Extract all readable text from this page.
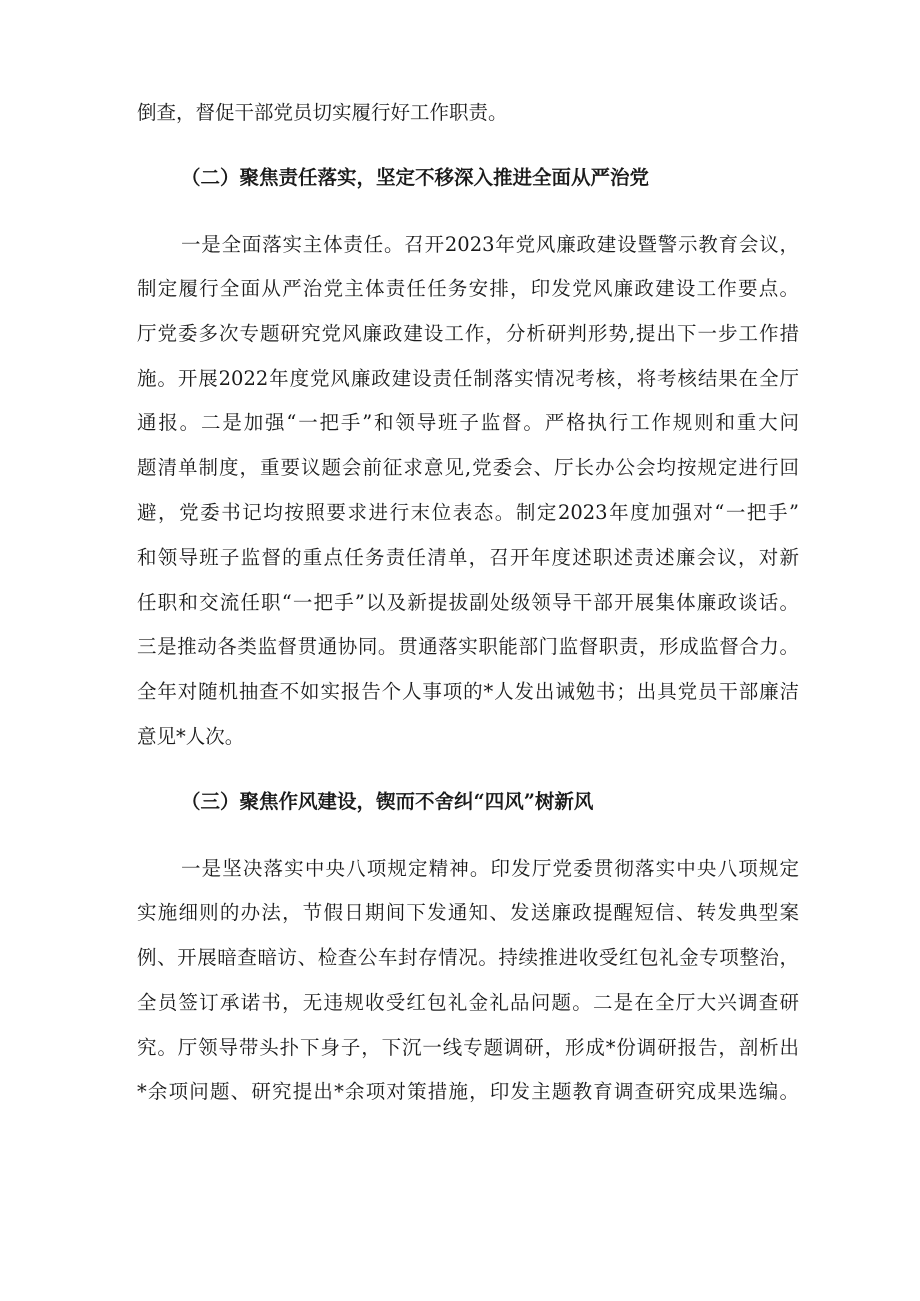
倒查，督促干部党员切实履行好工作职责。
（二）聚焦责任落实，坚定不移深入推进全面从严治党
一是全面落实主体责任。召开2023年党风廉政建设暨警示教育会议，
制定履行全面从严治党主体责任任务安排，印发党风廉政建设工作要点。
厅党委多次专题研究党风廉政建设工作，分析研判形势,提出下一步工作措
施。开展2022年度党风廉政建设责任制落实情况考核，将考核结果在全厅
通报。二是加强“一把手”和领导班子监督。严格执行工作规则和重大问
题清单制度，重要议题会前征求意见,党委会、厅长办公会均按规定进行回
避，党委书记均按照要求进行末位表态。制定2023年度加强对“一把手”
和领导班子监督的重点任务责任清单，召开年度述职述责述廉会议，对新
任职和交流任职“一把手”以及新提拔副处级领导干部开展集体廉政谈话。
三是推动各类监督贯通协同。贯通落实职能部门监督职责，形成监督合力。
全年对随机抽查不如实报告个人事项的*人发出诫勉书；出具党员干部廉洁
意见*人次。
（三）聚焦作风建设，锲而不舍纠“四风”树新风
一是坚决落实中央八项规定精神。印发厅党委贯彻落实中央八项规定
实施细则的办法，节假日期间下发通知、发送廉政提醒短信、转发典型案
例、开展暗查暗访、检查公车封存情况。持续推进收受红包礼金专项整治，
全员签订承诺书，无违规收受红包礼金礼品问题。二是在全厅大兴调查研
究。厅领导带头扑下身子，下沉一线专题调研，形成*份调研报告，剖析出
*余项问题、研究提出*余项对策措施，印发主题教育调查研究成果选编。
